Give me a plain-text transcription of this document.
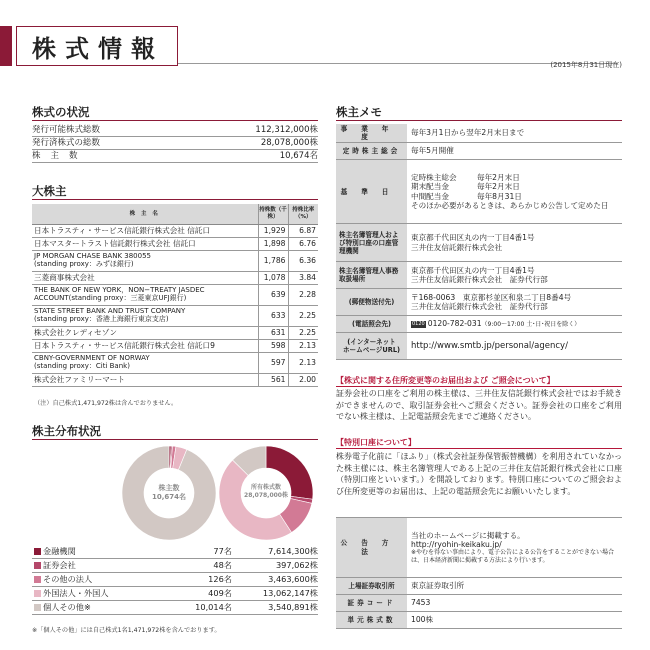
株式情報
(2015年8月31日現在)
株式の状況
発行可能株式総数	112,312,000株
発行済株式の総数	28,078,000株
株主数	10,674名
大株主
株 主 名	持株数（千株）	持株比率（%）
日本トラスティ・サービス信託銀行株式会社 信託口	1,929	6.87
日本マスタートラスト信託銀行株式会社 信託口	1,898	6.76
JP MORGAN CHASE BANK 380055
(standing proxy：みずほ銀行)	1,786	6.36
三菱商事株式会社	1,078	3.84
THE BANK OF NEW YORK，NON−TREATY JASDEC
ACCOUNT(standing proxy：三菱東京UFJ銀行)	639	2.28
STATE STREET BANK AND TRUST COMPANY
(standing proxy：香港上海銀行東京支店)	633	2.25
株式会社クレディセゾン	631	2.25
日本トラスティ・サービス信託銀行株式会社 信託口9	598	2.13
CBNY-GOVERNMENT OF NORWAY
(standing proxy：Citi Bank)	597	2.13
株式会社ファミリーマート	561	2.00
（注）自己株式1,471,972株は含んでおりません。
株主分布状況
株主数
10,674名
所有株式数
28,078,000株
金融機関	77名	7,614,300株
証券会社	48名	397,062株
その他の法人	126名	3,463,600株
外国法人・外国人	409名	13,062,147株
個人その他※	10,014名	3,540,891株
※「個人その他」には自己株式1名1,471,972株を含んでおります。
株主メモ
事業年度	毎年3月1日から翌年2月末日まで
定時株主総会	毎年5月開催
基準日	定時株主総会 毎年2月末日
期末配当金 毎年2月末日
中間配当金 毎年8月31日
そのほか必要があるときは、あらかじめ公告して定めた日

株主名簿管理人および特別口座の口座管理機関	東京都千代田区丸の内一丁目4番1号
三井住友信託銀行株式会社

株主名簿管理人事務取扱場所	東京都千代田区丸の内一丁目4番1号
三井住友信託銀行株式会社　証券代行部

(郵便物送付先)	〒168-0063　東京都杉並区和泉二丁目8番4号
三井住友信託銀行株式会社　証券代行部

(電話照会先)	0120 0120-782-031（9:00〜17:00 土･日･祝日を除く）

(インターネット
ホームページURL)	http://www.smtb.jp/personal/agency/
【株式に関する住所変更等のお届出および ご照会について】
証券会社の口座をご利用の株主様は、三井住友信託銀行株式会社ではお手続きができませんので、取引証券会社へご照会ください。証券会社の口座をご利用でない株主様は、上記電話照会先までご連絡ください。
【特別口座について】
株券電子化前に「ほふり」（株式会社証券保管振替機構）を利用されていなかった株主様には、株主名簿管理人である上記の三井住友信託銀行株式会社に口座（特別口座といいます。）を開設しております。特別口座についてのご照会および住所変更等のお届出は、上記の電話照会先にお願いいたします。
公告方法	当社のホームページに掲載する。
http://ryohin-keikaku.jp/
※やむを得ない事由により、電子公告による公告をすることができない場合は、日本経済新聞に掲載する方法により行います。

上場証券取引所	東京証券取引所
証券コード	7453
単元株式数	100株
